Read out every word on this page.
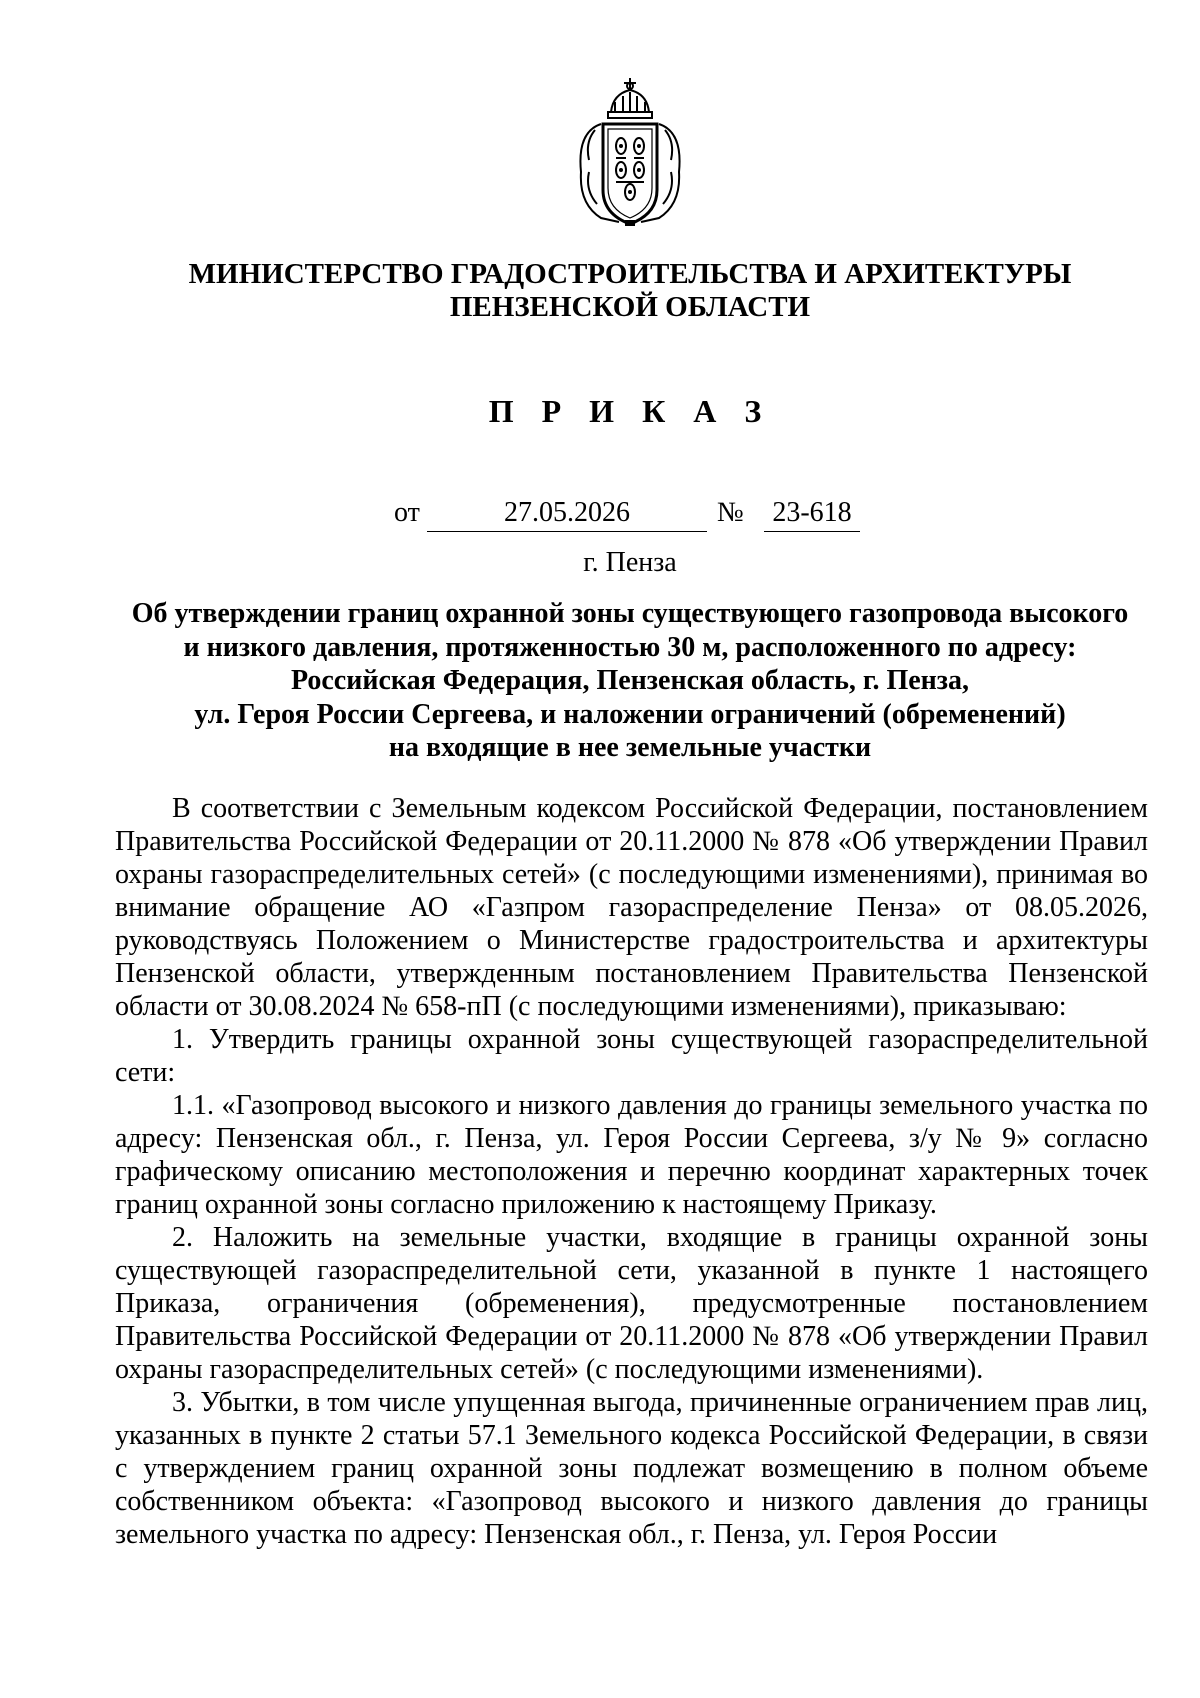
МИНИСТЕРСТВО ГРАДОСТРОИТЕЛЬСТВА И АРХИТЕКТУРЫ
ПЕНЗЕНСКОЙ ОБЛАСТИ
П Р И К А З
от	27.05.2026	№ 23-618
г. Пенза
Об утверждении границ охранной зоны существующего газопровода высокого
и низкого давления, протяженностью 30 м, расположенного по адресу:
Российская Федерация, Пензенская область, г. Пенза,
ул. Героя России Сергеева, и наложении ограничений (обременений)
на входящие в нее земельные участки

В соответствии с Земельным кодексом Российской Федерации, постановлением Правительства Российской Федерации от 20.11.2000 № 878 «Об утверждении Правил охраны газораспределительных сетей» (с последующими изменениями), принимая во внимание обращение АО «Газпром газораспределение Пенза» от 08.05.2026, руководствуясь Положением о Министерстве градостроительства и архитектуры Пензенской области, утвержденным постановлением Правительства Пензенской области от 30.08.2024 № 658-пП (с последующими изменениями), приказываю:

1. Утвердить границы охранной зоны существующей газораспределительной сети:

1.1. «Газопровод высокого и низкого давления до границы земельного участка по адресу: Пензенская обл., г. Пенза, ул. Героя России Сергеева, з/у № 9» согласно графическому описанию местоположения и перечню координат характерных точек границ охранной зоны согласно приложению к настоящему Приказу.

2. Наложить на земельные участки, входящие в границы охранной зоны существующей газораспределительной сети, указанной в пункте 1 настоящего Приказа, ограничения (обременения), предусмотренные постановлением Правительства Российской Федерации от 20.11.2000 № 878 «Об утверждении Правил охраны газораспределительных сетей» (с последующими изменениями).

3. Убытки, в том числе упущенная выгода, причиненные ограничением прав лиц, указанных в пункте 2 статьи 57.1 Земельного кодекса Российской Федерации, в связи с утверждением границ охранной зоны подлежат возмещению в полном объеме собственником объекта: «Газопровод высокого и низкого давления до границы земельного участка по адресу: Пензенская обл., г. Пенза, ул. Героя России
